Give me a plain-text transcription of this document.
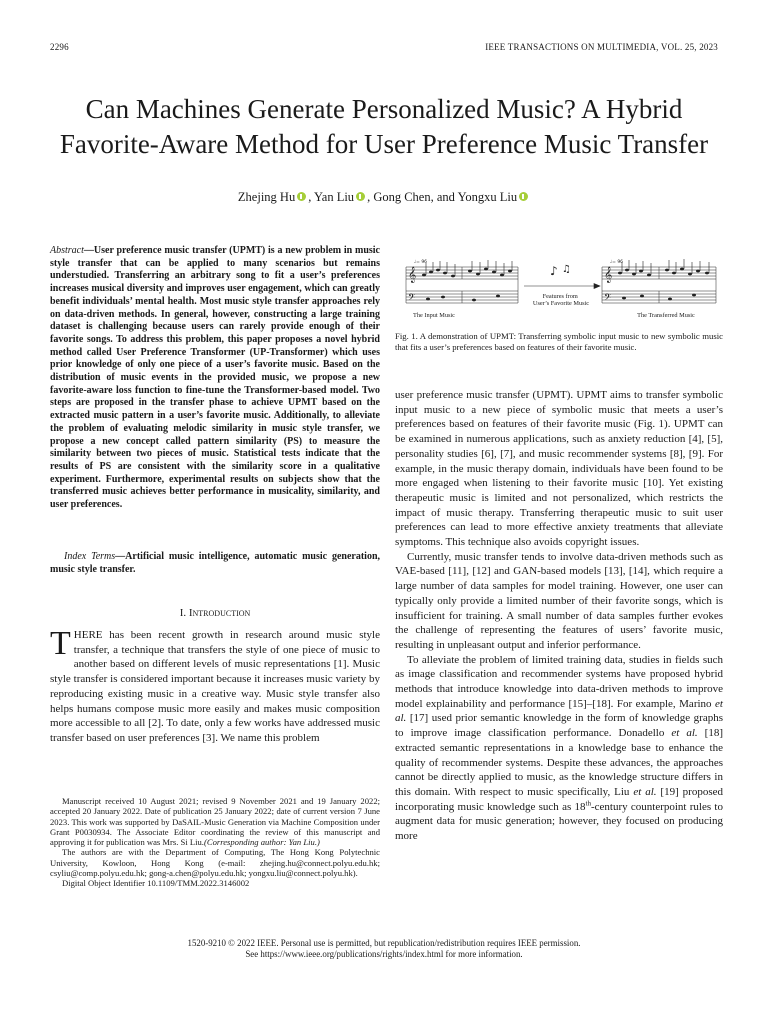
2296	IEEE TRANSACTIONS ON MULTIMEDIA, VOL. 25, 2023
Can Machines Generate Personalized Music? A Hybrid Favorite-Aware Method for User Preference Music Transfer
Zhejing Hu , Yan Liu , Gong Chen, and Yongxu Liu

Abstract—User preference music transfer (UPMT) is a new problem in music style transfer that can be applied to many scenarios but remains understudied. Transferring an arbitrary song to fit a user’s preferences increases musical diversity and improves user engagement, which can greatly benefit individuals’ mental health. Most music style transfer approaches rely on data-driven methods. In general, however, constructing a large training dataset is challenging because users can rarely provide enough of their favorite songs. To address this problem, this paper proposes a novel hybrid method called User Preference Transformer (UP-Transformer) which uses prior knowledge of only one piece of a user’s favorite music. Based on the distribution of music events in the provided music, we propose a new favorite-aware loss function to fine-tune the Transformer-based model. Two steps are proposed in the transfer phase to achieve UPMT based on the extracted music pattern in a user’s favorite music. Additionally, to alleviate the problem of evaluating melodic similarity in music style transfer, we propose a new concept called pattern similarity (PS) to measure the similarity between two pieces of music. Statistical tests indicate that the results of PS are consistent with the similarity score in a qualitative experiment. Furthermore, experimental results on subjects show that the transferred music achieves better performance in musicality, similarity, and user preferences.

Index Terms—Artificial music intelligence, automatic music generation, music style transfer.

I. Introduction

THERE has been recent growth in research around music style transfer, a technique that transfers the style of one piece of music to another based on different levels of music representations [1]. Music style transfer is considered important because it increases music variety by reproducing existing music in a creative way. Music style transfer also helps humans compose music more easily and makes music composition more accessible to all [2]. To date, only a few works have addressed music transfer based on user preferences [3]. We name this problem

Manuscript received 10 August 2021; revised 9 November 2021 and 19 January 2022; accepted 20 January 2022. Date of publication 25 January 2022; date of current version 7 June 2023. This work was supported by DaSAIL-Music Generation via Machine Composition under Grant P0030934. The Associate Editor coordinating the review of this manuscript and approving it for publication was Mrs. Si Liu.(Corresponding author: Yan Liu.)

The authors are with the Department of Computing, The Hong Kong Polytechnic University, Kowloon, Hong Kong (e-mail: zhejing.hu@connect.polyu.edu.hk; csyliu@comp.polyu.edu.hk; gong-a.chen@polyu.edu.hk; yongxu.liu@connect.polyu.hk).

Digital Object Identifier 10.1109/TMM.2022.3146002

♩= 96
𝄞
𝄢
The Input Music
♪ ♫
Features from User’s Favorite Music
♩= 96
𝄞
𝄢
The Transferred Music
Fig. 1. A demonstration of UPMT: Transferring symbolic input music to new symbolic music that fits a user’s preferences based on features of their favorite music.

user preference music transfer (UPMT). UPMT aims to transfer symbolic input music to a new piece of symbolic music that meets a user’s preferences based on features of their favorite music (Fig. 1). UPMT can be examined in numerous applications, such as anxiety reduction [4], [5], personality studies [6], [7], and music recommender systems [8], [9]. For example, in the music therapy domain, individuals have been found to be more engaged when listening to their favorite music [10]. Yet existing therapeutic music is limited and not personalized, which restricts the impact of music therapy. Transferring therapeutic music to suit user preferences can lead to more effective anxiety treatments that alleviate symptoms. This technique also avoids copyright issues.

Currently, music transfer tends to involve data-driven methods such as VAE-based [11], [12] and GAN-based models [13], [14], which require a large number of data samples for model training. However, one user can typically only provide a limited number of their favorite songs, which is insufficient for training. A small number of data samples further evokes the challenge of representing the features of users’ favorite music, resulting in unpleasant output and inferior performance.

To alleviate the problem of limited training data, studies in fields such as image classification and recommender systems have proposed hybrid methods that introduce knowledge into data-driven methods to improve model explainability and performance [15]–[18]. For example, Marino et al. [17] used prior semantic knowledge in the form of knowledge graphs to improve image classification performance. Donadello et al. [18] extracted semantic representations in a knowledge base to enhance the quality of recommender systems. Despite these advances, the approaches cannot be directly applied to music, as the knowledge structure differs in this domain. With respect to music specifically, Liu et al. [19] proposed incorporating music knowledge such as 18th-century counterpoint rules to augment data for music generation; however, they focused on producing more

1520-9210 © 2022 IEEE. Personal use is permitted, but republication/redistribution requires IEEE permission.
See https://www.ieee.org/publications/rights/index.html for more information.
